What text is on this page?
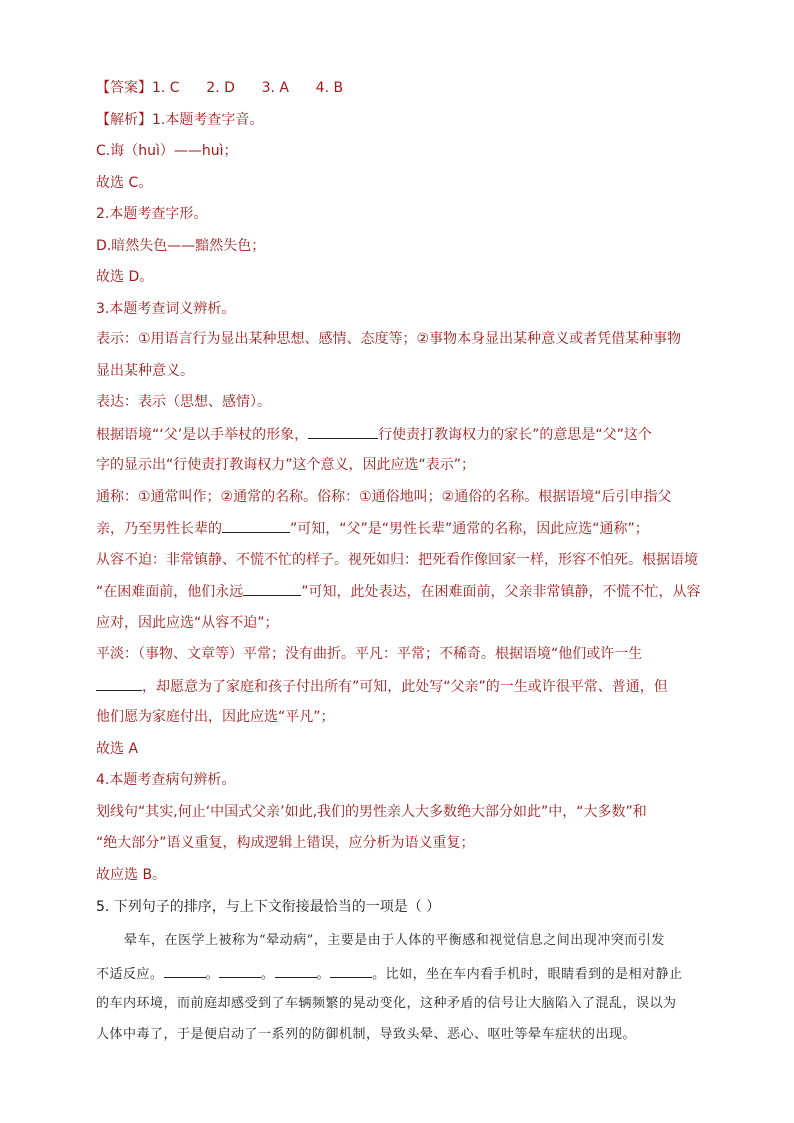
【答案】1. C      2. D      3. A      4. B
【解析】1.本题考查字音。
C.诲（huì）——huì；
故选 C。
2.本题考查字形。
D.暗然失色——黯然失色；
故选 D。
3.本题考查词义辨析。
表示：①用语言行为显出某种思想、感情、态度等；②事物本身显出某种意义或者凭借某种事物
显出某种意义。
表达：表示（思想、感情）。
根据语境“‘父’是以手举杖的形象，	行使责打教诲权力的家长”的意思是“父”这个
字的显示出“行使责打教诲权力”这个意义，因此应选“表示”；
通称：①通常叫作；②通常的名称。俗称：①通俗地叫；②通俗的名称。根据语境“后引申指父
亲，乃至男性长辈的	”可知，“父”是“男性长辈”通常的名称，因此应选“通称”；
从容不迫：非常镇静、不慌不忙的样子。视死如归：把死看作像回家一样，形容不怕死。根据语境
“在困难面前，他们永远	”可知，此处表达，在困难面前，父亲非常镇静，不慌不忙，从容
应对，因此应选“从容不迫”；
平淡：（事物、文章等）平常；没有曲折。平凡：平常；不稀奇。根据语境“他们或许一生
，却愿意为了家庭和孩子付出所有”可知，此处写“父亲”的一生或许很平常、普通，但
他们愿为家庭付出，因此应选“平凡”；
故选 A
4.本题考查病句辨析。
划线句“其实,何止‘中国式父亲’如此,我们的男性亲人大多数绝大部分如此”中，“大多数”和
“绝大部分”语义重复，构成逻辑上错误，应分析为语义重复；
故应选 B。
5. 下列句子的排序，与上下文衔接最恰当的一项是（ ）
晕车，在医学上被称为“晕动病”，主要是由于人体的平衡感和视觉信息之间出现冲突而引发
不适反应。	。	。	。	。比如，坐在车内看手机时，眼睛看到的是相对静止
的车内环境，而前庭却感受到了车辆频繁的晃动变化，这种矛盾的信号让大脑陷入了混乱，误以为
人体中毒了，于是便启动了一系列的防御机制，导致头晕、恶心、呕吐等晕车症状的出现。
